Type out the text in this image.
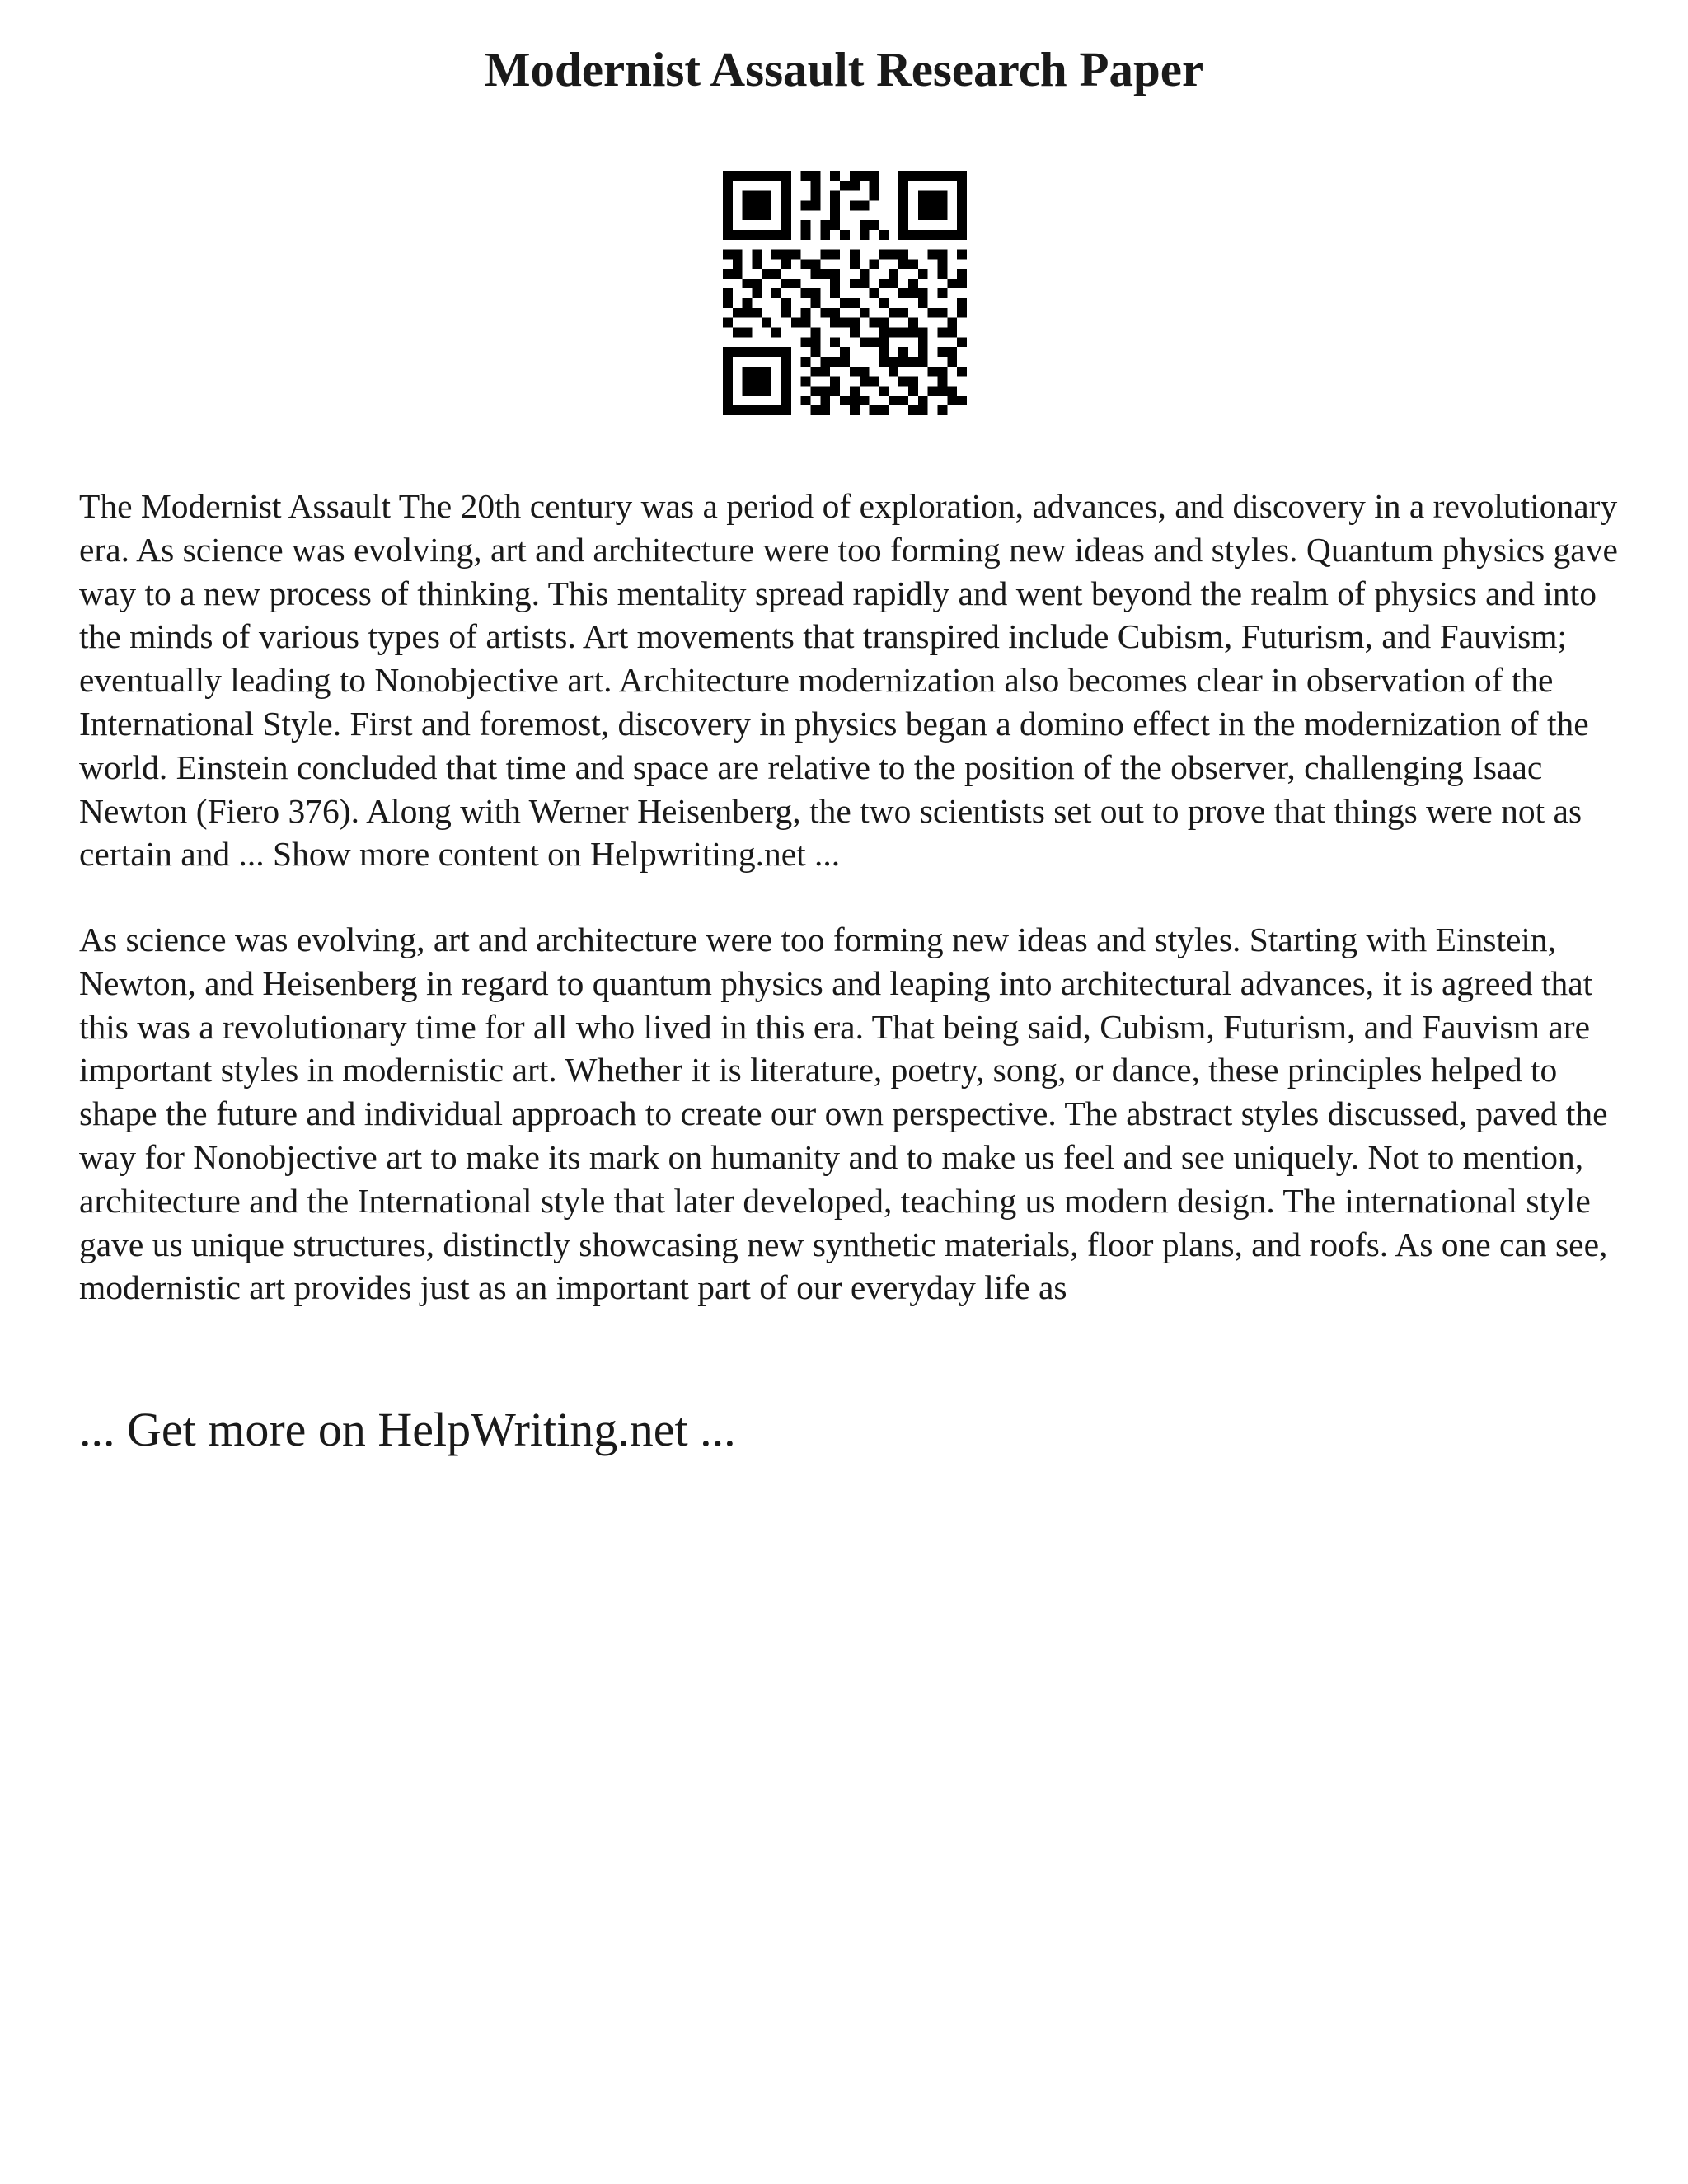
Modernist Assault Research Paper

The Modernist Assault The 20th century was a period of exploration, advances, and discovery in a revolutionary era. As science was evolving, art and architecture were too forming new ideas and styles. Quantum physics gave way to a new process of thinking. This mentality spread rapidly and went beyond the realm of physics and into the minds of various types of artists. Art movements that transpired include Cubism, Futurism, and Fauvism; eventually leading to Nonobjective art. Architecture modernization also becomes clear in observation of the International Style. First and foremost, discovery in physics began a domino effect in the modernization of the world. Einstein concluded that time and space are relative to the position of the observer, challenging Isaac Newton (Fiero 376). Along with Werner Heisenberg, the two scientists set out to prove that things were not as certain and ... Show more content on Helpwriting.net ...

As science was evolving, art and architecture were too forming new ideas and styles. Starting with Einstein, Newton, and Heisenberg in regard to quantum physics and leaping into architectural advances, it is agreed that this was a revolutionary time for all who lived in this era. That being said, Cubism, Futurism, and Fauvism are important styles in modernistic art. Whether it is literature, poetry, song, or dance, these principles helped to shape the future and individual approach to create our own perspective. The abstract styles discussed, paved the way for Nonobjective art to make its mark on humanity and to make us feel and see uniquely. Not to mention, architecture and the International style that later developed, teaching us modern design. The international style gave us unique structures, distinctly showcasing new synthetic materials, floor plans, and roofs. As one can see, modernistic art provides just as an important part of our everyday life as

... Get more on HelpWriting.net ...
